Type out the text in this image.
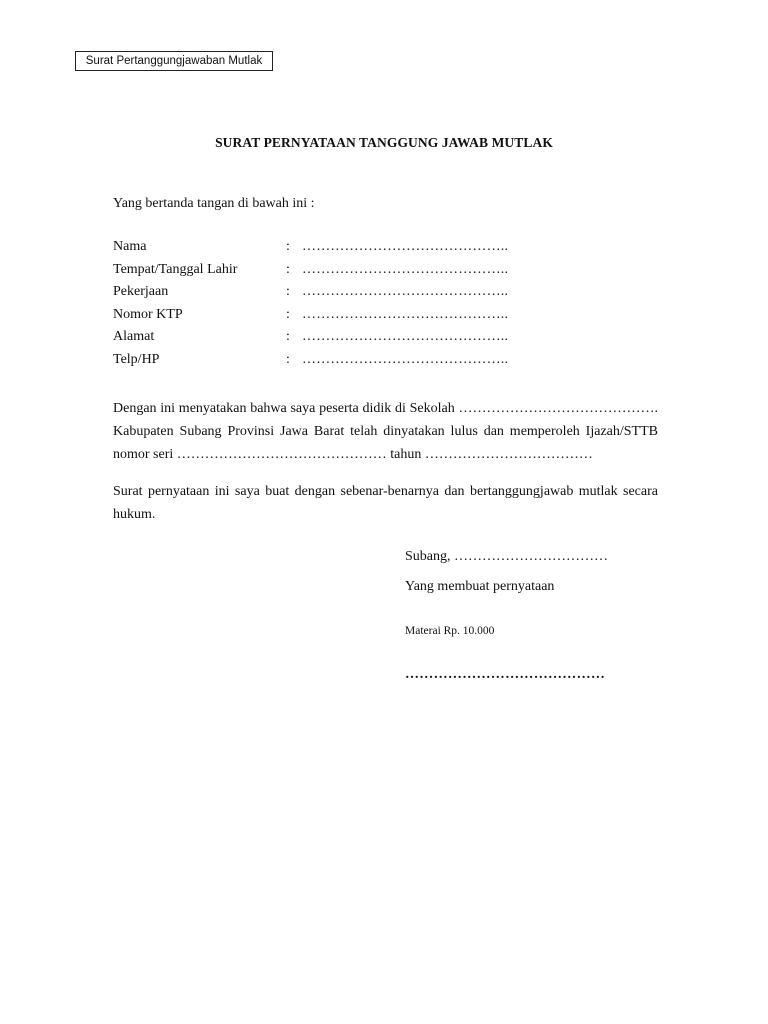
Surat Pertanggungjawaban Mutlak
SURAT PERNYATAAN TANGGUNG JAWAB MUTLAK
Yang bertanda tangan di bawah ini :
Nama	: ……………………………………..
Tempat/Tanggal Lahir	: ……………………………………..
Pekerjaan	: ……………………………………..
Nomor KTP	: ……………………………………..
Alamat	: ……………………………………..
Telp/HP	: ……………………………………..
Dengan ini menyatakan bahwa saya peserta didik di Sekolah ……………………………………. Kabupaten Subang Provinsi Jawa Barat telah dinyatakan lulus dan memperoleh Ijazah/STTB nomor seri ……………………………………… tahun ………………………………
Surat pernyataan ini saya buat dengan sebenar-benarnya dan bertanggungjawab mutlak secara hukum.
Subang, ……………………………
Yang membuat pernyataan
Materai Rp. 10.000
……………………………………
